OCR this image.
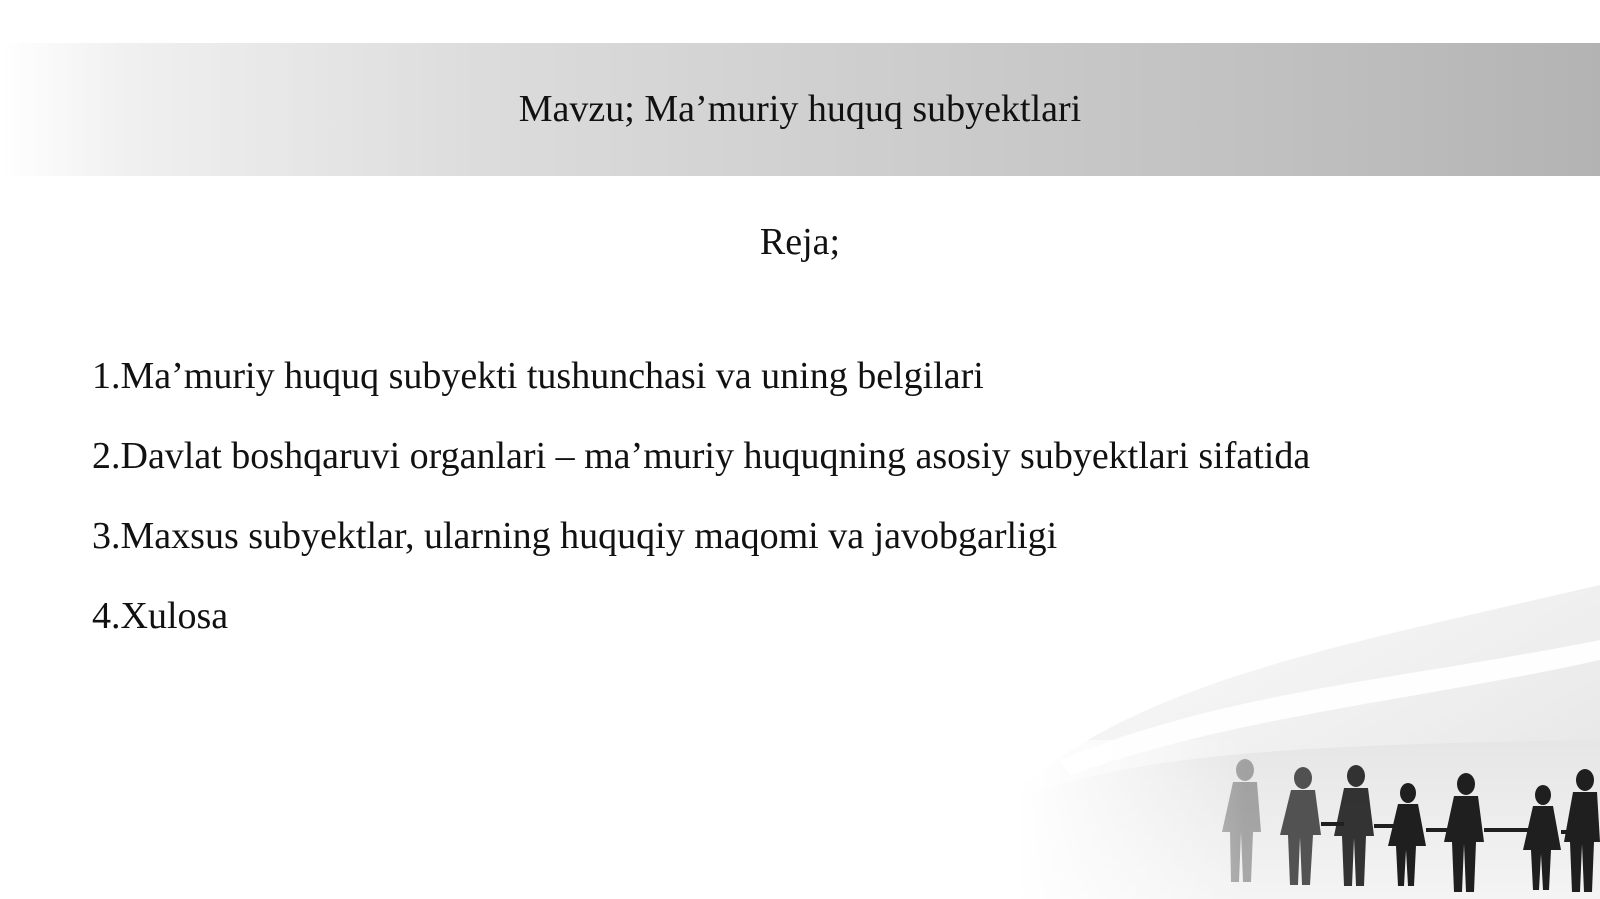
Mavzu; Ma’muriy huquq subyektlari

Reja;

1.Ma’muriy huquq subyekti tushunchasi va uning belgilari
2.Davlat boshqaruvi organlari – ma’muriy huquqning asosiy subyektlari sifatida
3.Maxsus subyektlar, ularning huquqiy maqomi va javobgarligi
4.Xulosa
